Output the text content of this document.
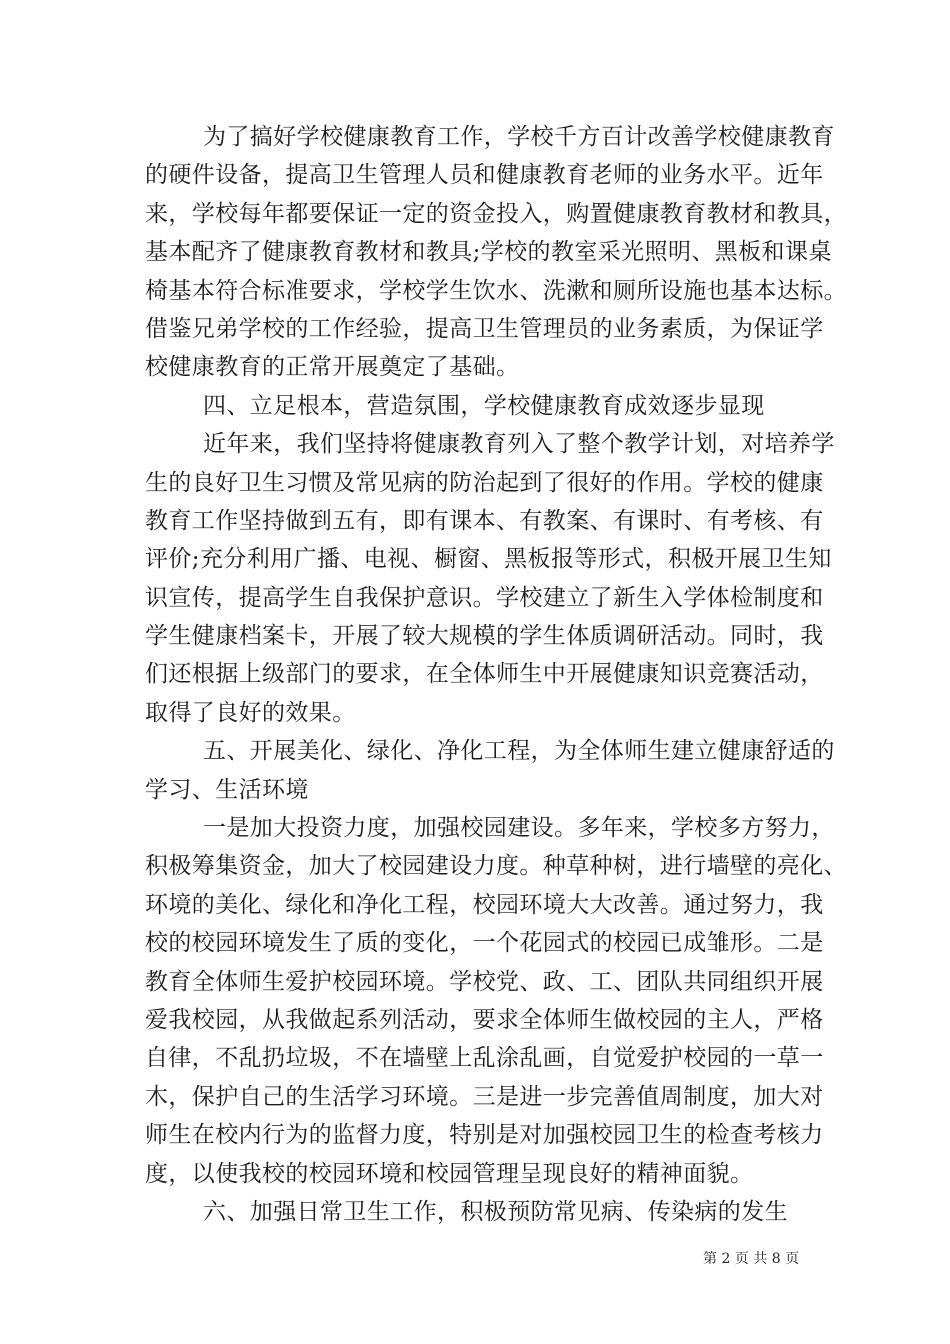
为了搞好学校健康教育工作，学校千方百计改善学校健康教育
的硬件设备，提高卫生管理人员和健康教育老师的业务水平。近年
来，学校每年都要保证一定的资金投入，购置健康教育教材和教具，
基本配齐了健康教育教材和教具;学校的教室采光照明、黑板和课桌
椅基本符合标准要求，学校学生饮水、洗漱和厕所设施也基本达标。
借鉴兄弟学校的工作经验，提高卫生管理员的业务素质，为保证学
校健康教育的正常开展奠定了基础。
四、立足根本，营造氛围，学校健康教育成效逐步显现
近年来，我们坚持将健康教育列入了整个教学计划，对培养学
生的良好卫生习惯及常见病的防治起到了很好的作用。学校的健康
教育工作坚持做到五有，即有课本、有教案、有课时、有考核、有
评价;充分利用广播、电视、橱窗、黑板报等形式，积极开展卫生知
识宣传，提高学生自我保护意识。学校建立了新生入学体检制度和
学生健康档案卡，开展了较大规模的学生体质调研活动。同时，我
们还根据上级部门的要求，在全体师生中开展健康知识竞赛活动，
取得了良好的效果。
五、开展美化、绿化、净化工程，为全体师生建立健康舒适的
学习、生活环境
一是加大投资力度，加强校园建设。多年来，学校多方努力，
积极筹集资金，加大了校园建设力度。种草种树，进行墙壁的亮化、
环境的美化、绿化和净化工程，校园环境大大改善。通过努力，我
校的校园环境发生了质的变化，一个花园式的校园已成雏形。二是
教育全体师生爱护校园环境。学校党、政、工、团队共同组织开展
爱我校园，从我做起系列活动，要求全体师生做校园的主人，严格
自律，不乱扔垃圾，不在墙壁上乱涂乱画，自觉爱护校园的一草一
木，保护自己的生活学习环境。三是进一步完善值周制度，加大对
师生在校内行为的监督力度，特别是对加强校园卫生的检查考核力
度，以使我校的校园环境和校园管理呈现良好的精神面貌。
六、加强日常卫生工作，积极预防常见病、传染病的发生
第 2 页 共 8 页
